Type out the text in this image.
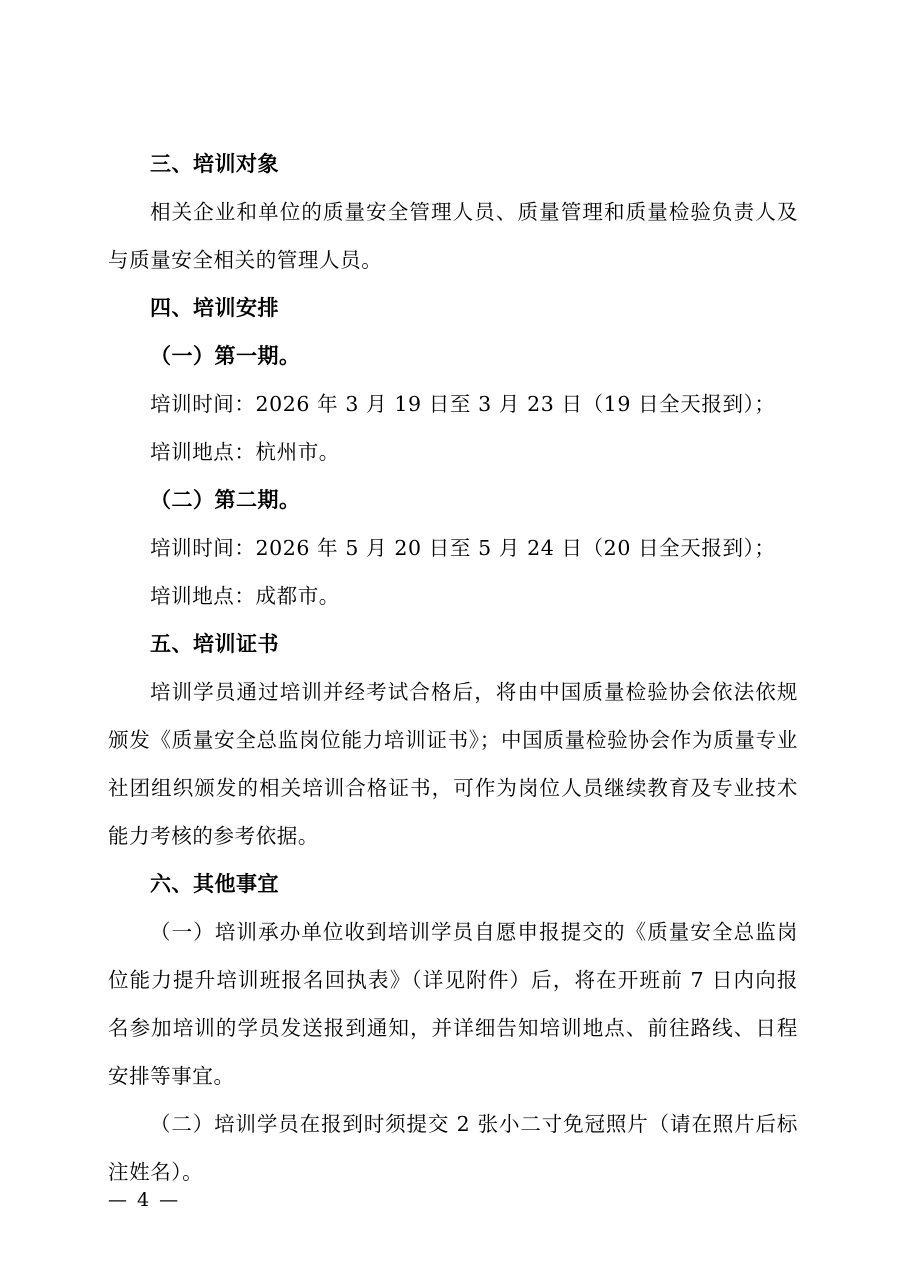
三、培训对象

相关企业和单位的质量安全管理人员、质量管理和质量检验负责人及与质量安全相关的管理人员。

四、培训安排
（一）第一期。

培训时间：2026 年 3 月 19 日至 3 月 23 日（19 日全天报到）；

培训地点：杭州市。

（二）第二期。

培训时间：2026 年 5 月 20 日至 5 月 24 日（20 日全天报到）；

培训地点：成都市。

五、培训证书

培训学员通过培训并经考试合格后，将由中国质量检验协会依法依规颁发《质量安全总监岗位能力培训证书》；中国质量检验协会作为质量专业社团组织颁发的相关培训合格证书，可作为岗位人员继续教育及专业技术能力考核的参考依据。

六、其他事宜

（一）培训承办单位收到培训学员自愿申报提交的《质量安全总监岗位能力提升培训班报名回执表》（详见附件）后，将在开班前 7 日内向报名参加培训的学员发送报到通知，并详细告知培训地点、前往路线、日程安排等事宜。

（二）培训学员在报到时须提交 2 张小二寸免冠照片（请在照片后标注姓名）。

— 4 —
